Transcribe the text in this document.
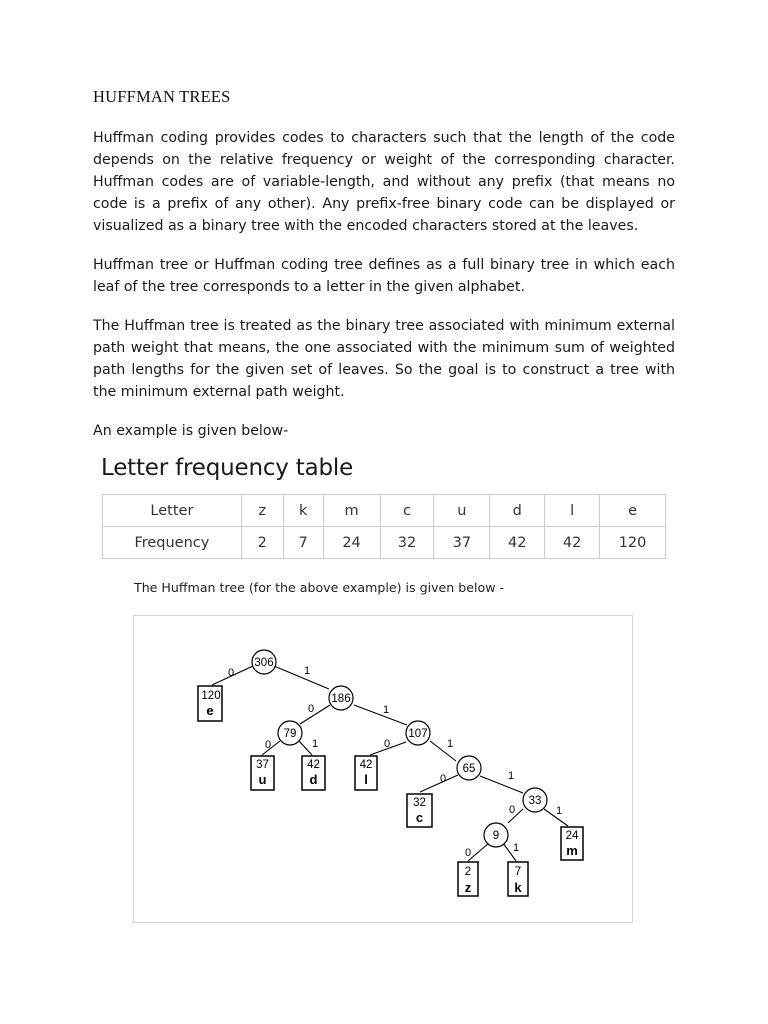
HUFFMAN TREES

Huffman coding provides codes to characters such that the length of the code depends on the relative frequency or weight of the corresponding character. Huffman codes are of variable-length, and without any prefix (that means no code is a prefix of any other). Any prefix-free binary code can be displayed or visualized as a binary tree with the encoded characters stored at the leaves.

Huffman tree or Huffman coding tree defines as a full binary tree in which each leaf of the tree corresponds to a letter in the given alphabet.

The Huffman tree is treated as the binary tree associated with minimum external path weight that means, the one associated with the minimum sum of weighted path lengths for the given set of leaves. So the goal is to construct a tree with the minimum external path weight.

An example is given below-

Letter frequency table
Letter	z	k	m	c	u	d	l	e
Frequency	2	7	24	32	37	42	42	120
The Huffman tree (for the above example) is given below -
0	1
0	1
0	1	0	1
0	1
0	1
0	1
306
186
79	107
65
33
9
120
e
37
u
42
d
42
l
32
c
24
m
2
z
7
k
